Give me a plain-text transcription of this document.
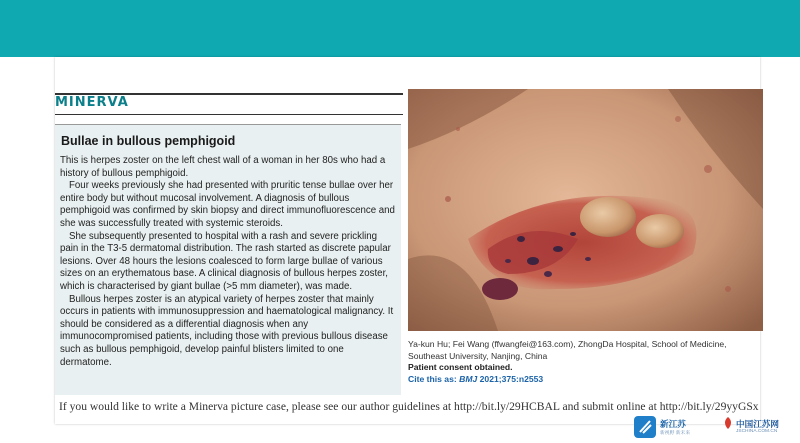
MINERVA
Bullae in bullous pemphigoid

This is herpes zoster on the left chest wall of a woman in her 80s who had a history of bullous pemphigoid.

Four weeks previously she had presented with pruritic tense bullae over her entire body but without mucosal involvement. A diagnosis of bullous pemphigoid was confirmed by skin biopsy and direct immunofluorescence and she was successfully treated with systemic steroids.

She subsequently presented to hospital with a rash and severe prickling pain in the T3-5 dermatomal distribution. The rash started as discrete papular lesions. Over 48 hours the lesions coalesced to form large bullae of various sizes on an erythematous base. A clinical diagnosis of bullous herpes zoster, which is characterised by giant bullae (>5 mm diameter), was made.

Bullous herpes zoster is an atypical variety of herpes zoster that mainly occurs in patients with immunosuppression and haematological malignancy. It should be considered as a differential diagnosis when any immunocompromised patients, including those with previous bullous disease such as bullous pemphigoid, develop painful blisters limited to one dermatome.

Ya-kun Hu; Fei Wang (ffwangfei@163.com), ZhongDa Hospital, School of Medicine, Southeast University, Nanjing, China
Patient consent obtained.
Cite this as: BMJ 2021;375:n2553
If you would like to write a Minerva picture case, please see our author guidelines at http://bit.ly/29HCBAL and submit online at http://bit.ly/29yyGSx
新江苏
新视野 新未来
中国江苏网
JSCHINA.COM.CN
